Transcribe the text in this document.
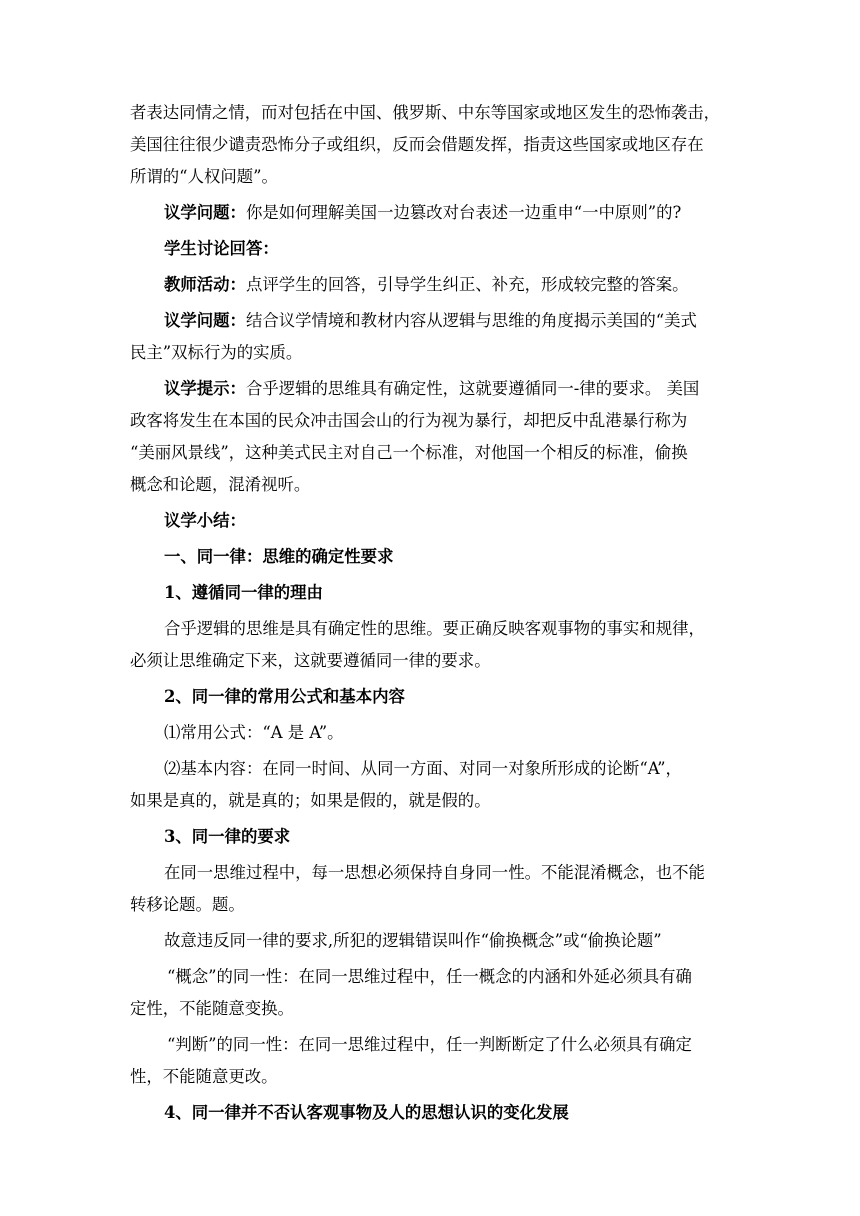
者表达同情之情，而对包括在中国、俄罗斯、中东等国家或地区发生的恐怖袭击，

美国往往很少谴责恐怖分子或组织，反而会借题发挥，指责这些国家或地区存在

所谓的“人权问题”。

议学问题：你是如何理解美国一边篡改对台表述一边重申“一中原则”的?

学生讨论回答：

教师活动：点评学生的回答，引导学生纠正、补充，形成较完整的答案。

议学问题：结合议学情境和教材内容从逻辑与思维的角度揭示美国的“美式

民主”双标行为的实质。

议学提示：合乎逻辑的思维具有确定性，这就要遵循同一-律的要求。 美国

政客将发生在本国的民众冲击国会山的行为视为暴行，却把反中乱港暴行称为

“美丽风景线”，这种美式民主对自己一个标准，对他国一个相反的标准，偷换

概念和论题，混淆视听。

议学小结：

一、同一律：思维的确定性要求

1、遵循同一律的理由

合乎逻辑的思维是具有确定性的思维。要正确反映客观事物的事实和规律，

必须让思维确定下来，这就要遵循同一律的要求。

2、同一律的常用公式和基本内容

⑴常用公式：“A 是 A”。

⑵基本内容：在同一时间、从同一方面、对同一对象所形成的论断“A”，

如果是真的，就是真的；如果是假的，就是假的。

3、同一律的要求

在同一思维过程中，每一思想必须保持自身同一性。不能混淆概念，也不能

转移论题。题。

故意违反同一律的要求,所犯的逻辑错误叫作“偷换概念”或“偷换论题”

“概念”的同一性：在同一思维过程中，任一概念的内涵和外延必须具有确

定性，不能随意变换。

“判断”的同一性：在同一思维过程中，任一判断断定了什么必须具有确定

性，不能随意更改。

4、同一律并不否认客观事物及人的思想认识的变化发展
